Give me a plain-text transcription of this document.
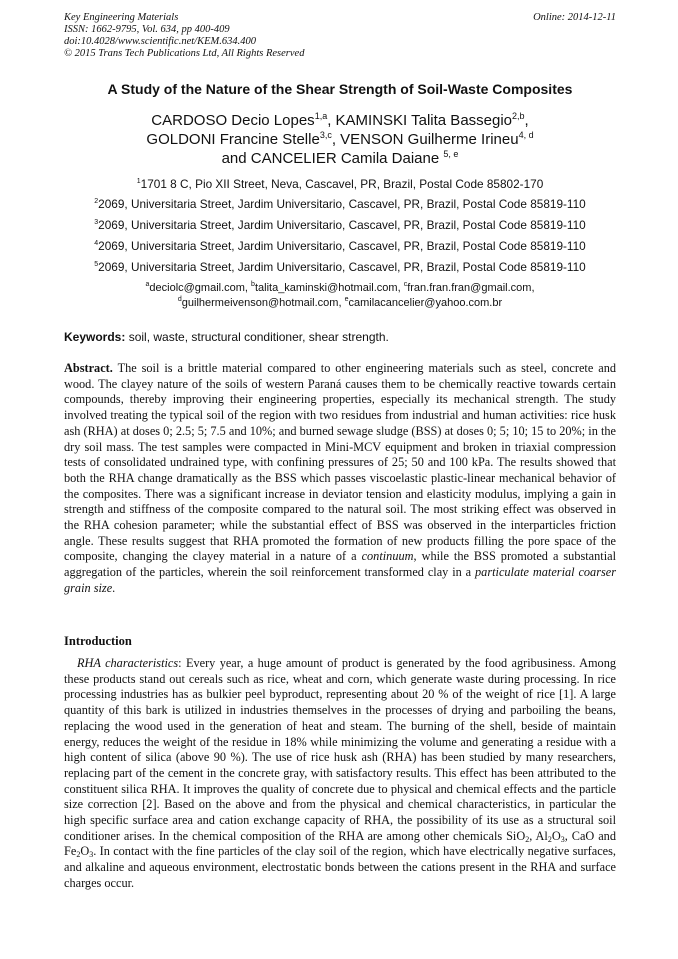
Key Engineering Materials
ISSN: 1662-9795, Vol. 634, pp 400-409
doi:10.4028/www.scientific.net/KEM.634.400
© 2015 Trans Tech Publications Ltd, All Rights Reserved
Online: 2014-12-11
A Study of the Nature of the Shear Strength of Soil-Waste Composites
CARDOSO Decio Lopes$^{1,a}$, KAMINSKI Talita Bassegio$^{2,b}$,
GOLDONI Francine Stelle$^{3,c}$, VENSON Guilherme Irineu$^{4, d}$
and CANCELIER Camila Daiane $^{5, e}$
$^1$1701 8 C, Pio XII Street, Neva, Cascavel, PR, Brazil, Postal Code 85802-170
$^2$2069, Universitaria Street, Jardim Universitario, Cascavel, PR, Brazil, Postal Code 85819-110
$^3$2069, Universitaria Street, Jardim Universitario, Cascavel, PR, Brazil, Postal Code 85819-110
$^4$2069, Universitaria Street, Jardim Universitario, Cascavel, PR, Brazil, Postal Code 85819-110
$^5$2069, Universitaria Street, Jardim Universitario, Cascavel, PR, Brazil, Postal Code 85819-110
$^a$deciolc@gmail.com, $^b$talita_kaminski@hotmail.com, $^c$fran.fran.fran@gmail.com,
$^d$guilhermeivenson@hotmail.com, $^e$camilacancelier@yahoo.com.br
Keywords: soil, waste, structural conditioner, shear strength.
Abstract. The soil is a brittle material compared to other engineering materials such as steel, concrete and wood. The clayey nature of the soils of western Paraná causes them to be chemically reactive towards certain compounds, thereby improving their engineering properties, especially its mechanical strength. The study involved treating the typical soil of the region with two residues from industrial and human activities: rice husk ash (RHA) at doses 0; 2.5; 5; 7.5 and 10%; and burned sewage sludge (BSS) at doses 0; 5; 10; 15 to 20%; in the dry soil mass. The test samples were compacted in Mini-MCV equipment and broken in triaxial compression tests of consolidated undrained type, with confining pressures of 25; 50 and 100 kPa. The results showed that both the RHA change dramatically as the BSS which passes viscoelastic plastic-linear mechanical behavior of the composites. There was a significant increase in deviator tension and elasticity modulus, implying a gain in strength and stiffness of the composite compared to the natural soil. The most striking effect was observed in the RHA cohesion parameter; while the substantial effect of BSS was observed in the interparticles friction angle. These results suggest that RHA promoted the formation of new products filling the pore space of the composite, changing the clayey material in a nature of a continuum, while the BSS promoted a substantial aggregation of the particles, wherein the soil reinforcement transformed clay in a particulate material coarser grain size.
Introduction
RHA characteristics: Every year, a huge amount of product is generated by the food agribusiness. Among these products stand out cereals such as rice, wheat and corn, which generate waste during processing. In rice processing industries has as bulkier peel byproduct, representing about 20 % of the weight of rice [1]. A large quantity of this bark is utilized in industries themselves in the processes of drying and parboiling the beans, replacing the wood used in the generation of heat and steam. The burning of the shell, beside of maintain energy, reduces the weight of the residue in 18% while minimizing the volume and generating a residue with a high content of silica (above 90 %). The use of rice husk ash (RHA) has been studied by many researchers, replacing part of the cement in the concrete gray, with satisfactory results. This effect has been attributed to the constituent silica RHA. It improves the quality of concrete due to physical and chemical effects and the particle size correction [2]. Based on the above and from the physical and chemical characteristics, in particular the high specific surface area and cation exchange capacity of RHA, the possibility of its use as a structural soil conditioner arises. In the chemical composition of the RHA are among other chemicals SiO$_2$, $Al_2O_3$, CaO and $Fe_2O_3$. In contact with the fine particles of the clay soil of the region, which have electrically negative surfaces, and alkaline and aqueous environment, electrostatic bonds between the cations present in the RHA and surface charges occur.
